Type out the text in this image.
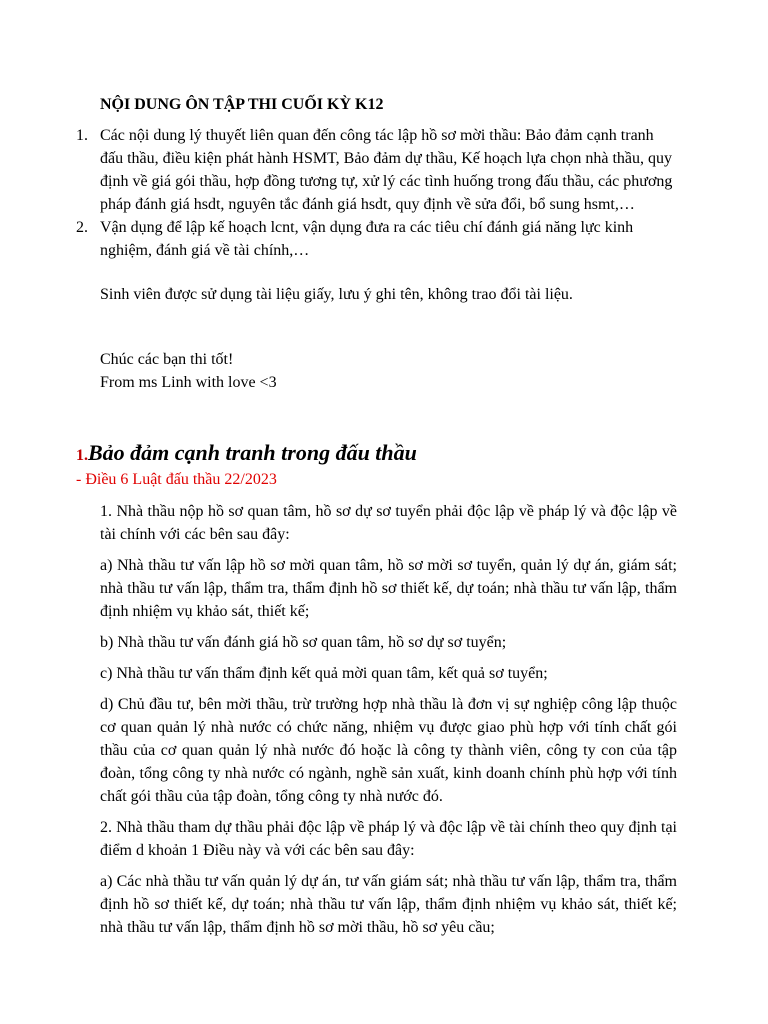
NỘI DUNG ÔN TẬP THI CUỐI KỲ K12
1. Các nội dung lý thuyết liên quan đến công tác lập hồ sơ mời thầu: Bảo đảm cạnh tranh đấu thầu, điều kiện phát hành HSMT, Bảo đảm dự thầu, Kế hoạch lựa chọn nhà thầu, quy định về giá gói thầu, hợp đồng tương tự, xử lý các tình huống trong đấu thầu, các phương pháp đánh giá hsdt, nguyên tắc đánh giá hsdt, quy định về sửa đổi, bổ sung hsmt,…
2. Vận dụng để lập kế hoạch lcnt, vận dụng đưa ra các tiêu chí đánh giá năng lực kinh nghiệm, đánh giá về tài chính,…
Sinh viên được sử dụng tài liệu giấy, lưu ý ghi tên, không trao đổi tài liệu.
Chúc các bạn thi tốt!
From ms Linh with love <3
1.Bảo đảm cạnh tranh trong đấu thầu
- Điều 6 Luật đấu thầu 22/2023

1. Nhà thầu nộp hồ sơ quan tâm, hồ sơ dự sơ tuyển phải độc lập về pháp lý và độc lập về tài chính với các bên sau đây:

a) Nhà thầu tư vấn lập hồ sơ mời quan tâm, hồ sơ mời sơ tuyển, quản lý dự án, giám sát; nhà thầu tư vấn lập, thẩm tra, thẩm định hồ sơ thiết kế, dự toán; nhà thầu tư vấn lập, thẩm định nhiệm vụ khảo sát, thiết kế;

b) Nhà thầu tư vấn đánh giá hồ sơ quan tâm, hồ sơ dự sơ tuyển;

c) Nhà thầu tư vấn thẩm định kết quả mời quan tâm, kết quả sơ tuyển;

d) Chủ đầu tư, bên mời thầu, trừ trường hợp nhà thầu là đơn vị sự nghiệp công lập thuộc cơ quan quản lý nhà nước có chức năng, nhiệm vụ được giao phù hợp với tính chất gói thầu của cơ quan quản lý nhà nước đó hoặc là công ty thành viên, công ty con của tập đoàn, tổng công ty nhà nước có ngành, nghề sản xuất, kinh doanh chính phù hợp với tính chất gói thầu của tập đoàn, tổng công ty nhà nước đó.

2. Nhà thầu tham dự thầu phải độc lập về pháp lý và độc lập về tài chính theo quy định tại điểm d khoản 1 Điều này và với các bên sau đây:

a) Các nhà thầu tư vấn quản lý dự án, tư vấn giám sát; nhà thầu tư vấn lập, thẩm tra, thẩm định hồ sơ thiết kế, dự toán; nhà thầu tư vấn lập, thẩm định nhiệm vụ khảo sát, thiết kế; nhà thầu tư vấn lập, thẩm định hồ sơ mời thầu, hồ sơ yêu cầu;
